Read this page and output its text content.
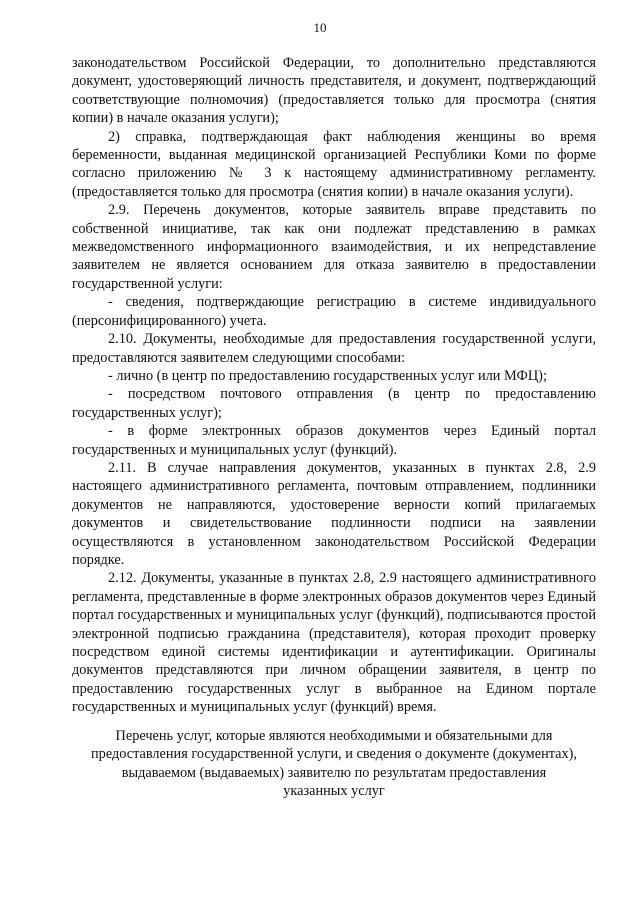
10

законодательством Российской Федерации, то дополнительно представляются документ, удостоверяющий личность представителя, и документ, подтверждающий соответствующие полномочия) (предоставляется только для просмотра (снятия копии) в начале оказания услуги);

2) справка, подтверждающая факт наблюдения женщины во время беременности, выданная медицинской организацией Республики Коми по форме согласно приложению № 3 к настоящему административному регламенту. (предоставляется только для просмотра (снятия копии) в начале оказания услуги).

2.9. Перечень документов, которые заявитель вправе представить по собственной инициативе, так как они подлежат представлению в рамках межведомственного информационного взаимодействия, и их непредставление заявителем не является основанием для отказа заявителю в предоставлении государственной услуги:

- сведения, подтверждающие регистрацию в системе индивидуального (персонифицированного) учета.

2.10. Документы, необходимые для предоставления государственной услуги, предоставляются заявителем следующими способами:

- лично (в центр по предоставлению государственных услуг или МФЦ);

- посредством почтового отправления (в центр по предоставлению государственных услуг);

- в форме электронных образов документов через Единый портал государственных и муниципальных услуг (функций).

2.11. В случае направления документов, указанных в пунктах 2.8, 2.9 настоящего административного регламента, почтовым отправлением, подлинники документов не направляются, удостоверение верности копий прилагаемых документов и свидетельствование подлинности подписи на заявлении осуществляются в установленном законодательством Российской Федерации порядке.

2.12. Документы, указанные в пунктах 2.8, 2.9 настоящего административного регламента, представленные в форме электронных образов документов через Единый портал государственных и муниципальных услуг (функций), подписываются простой электронной подписью гражданина (представителя), которая проходит проверку посредством единой системы идентификации и аутентификации. Оригиналы документов представляются при личном обращении заявителя, в центр по предоставлению государственных услуг в выбранное на Едином портале государственных и муниципальных услуг (функций) время.

Перечень услуг, которые являются необходимыми и обязательными для

предоставления государственной услуги, и сведения о документе (документах),

выдаваемом (выдаваемых) заявителю по результатам предоставления

указанных услуг
